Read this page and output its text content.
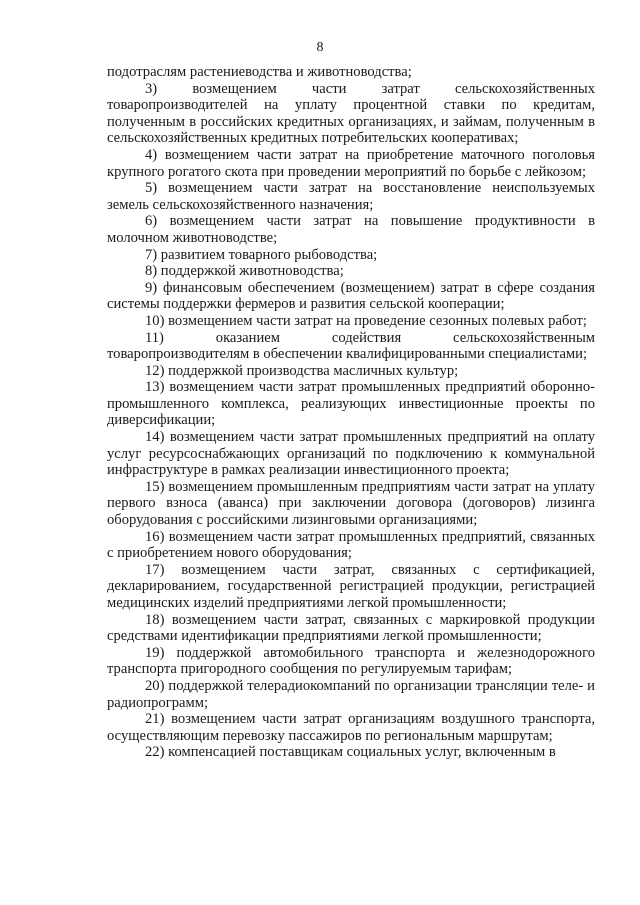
8

подотраслям растениеводства и животноводства;

3) возмещением части затрат сельскохозяйственных товаропроизводителей на уплату процентной ставки по кредитам, полученным в российских кредитных организациях, и займам, полученным в сельскохозяйственных кредитных потребительских кооперативах;

4) возмещением части затрат на приобретение маточного поголовья крупного рогатого скота при проведении мероприятий по борьбе с лейкозом;

5) возмещением части затрат на восстановление неиспользуемых земель сельскохозяйственного назначения;

6) возмещением части затрат на повышение продуктивности в молочном животноводстве;

7) развитием товарного рыбоводства;

8) поддержкой животноводства;

9) финансовым обеспечением (возмещением) затрат в сфере создания системы поддержки фермеров и развития сельской кооперации;

10) возмещением части затрат на проведение сезонных полевых работ;

11) оказанием содействия сельскохозяйственным товаропроизводителям в обеспечении квалифицированными специалистами;

12) поддержкой производства масличных культур;

13) возмещением части затрат промышленных предприятий оборонно-промышленного комплекса, реализующих инвестиционные проекты по диверсификации;

14) возмещением части затрат промышленных предприятий на оплату услуг ресурсоснабжающих организаций по подключению к коммунальной инфраструктуре в рамках реализации инвестиционного проекта;

15) возмещением промышленным предприятиям части затрат на уплату первого взноса (аванса) при заключении договора (договоров) лизинга оборудования с российскими лизинговыми организациями;

16) возмещением части затрат промышленных предприятий, связанных с приобретением нового оборудования;

17) возмещением части затрат, связанных с сертификацией, декларированием, государственной регистрацией продукции, регистрацией медицинских изделий предприятиями легкой промышленности;

18) возмещением части затрат, связанных с маркировкой продукции средствами идентификации предприятиями легкой промышленности;

19) поддержкой автомобильного транспорта и железнодорожного транспорта пригородного сообщения по регулируемым тарифам;

20) поддержкой телерадиокомпаний по организации трансляции теле- и радиопрограмм;

21) возмещением части затрат организациям воздушного транспорта, осуществляющим перевозку пассажиров по региональным маршрутам;

22) компенсацией поставщикам социальных услуг, включенным в
